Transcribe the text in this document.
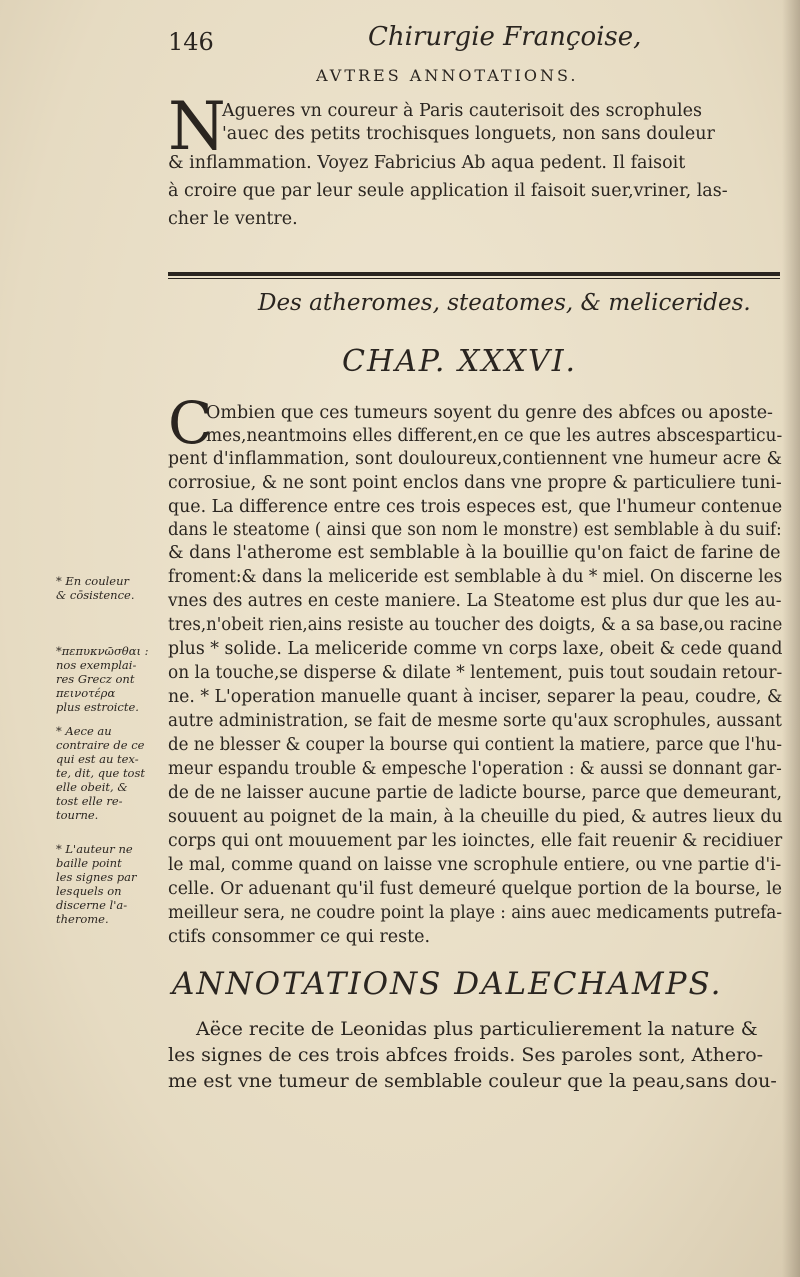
146	Chirurgie Françoise,
AVTRES ANNOTATIONS.
N
Agueres vn coureur à Paris cauterisoit des scrophules
'auec des petits trochisques longuets, non sans douleur
& inflammation. Voyez Fabricius Ab aqua pedent. Il faisoit
à croire que par leur seule application il faisoit suer,vriner, las-
cher le ventre.
Des atheromes, steatomes, & melicerides.
CHAP. XXXVI.
C
Ombien que ces tumeurs soyent du genre des abfces ou aposte-
mes,neantmoins elles different,en ce que les autres abscesparticu-
pent d'inflammation, sont douloureux,contiennent vne humeur acre &
corrosiue, & ne sont point enclos dans vne propre & particuliere tuni-
que. La difference entre ces trois especes est, que l'humeur contenue
dans le steatome ( ainsi que son nom le monstre) est semblable à du suif:
& dans l'atherome est semblable à la bouillie qu'on faict de farine de
froment:& dans la meliceride est semblable à du * miel. On discerne les
vnes des autres en ceste maniere. La Steatome est plus dur que les au-
tres,n'obeit rien,ains resiste au toucher des doigts, & a sa base,ou racine
plus * solide. La meliceride comme vn corps laxe, obeit & cede quand
on la touche,se disperse & dilate * lentement, puis tout soudain retour-
ne. * L'operation manuelle quant à inciser, separer la peau, coudre, &
autre administration, se fait de mesme sorte qu'aux scrophules, aussant
de ne blesser & couper la bourse qui contient la matiere, parce que l'hu-
meur espandu trouble & empesche l'operation : & aussi se donnant gar-
de de ne laisser aucune partie de ladicte bourse, parce que demeurant,
souuent au poignet de la main, à la cheuille du pied, & autres lieux du
corps qui ont mouuement par les ioinctes, elle fait reuenir & recidiuer
le mal, comme quand on laisse vne scrophule entiere, ou vne partie d'i-
celle. Or aduenant qu'il fust demeuré quelque portion de la bourse, le
meilleur sera, ne coudre point la playe : ains auec medicaments putrefa-
ctifs consommer ce qui reste.
ANNOTATIONS DALECHAMPS.
Aëce recite de Leonidas plus particulierement la nature &
les signes de ces trois abfces froids. Ses paroles sont, Athero-
me est vne tumeur de semblable couleur que la peau,sans dou-
* En couleur
& cōsistence.
*πεπυκνῶσθαι :
nos exemplai-
res Grecz ont
πεινοτέρα
plus estroicte.
* Aece au
contraire de ce
qui est au tex-
te, dit, que tost
elle obeit, &
tost elle re-
tourne.
* L'auteur ne
baille point
les signes par
lesquels on
discerne l'a-
therome.
